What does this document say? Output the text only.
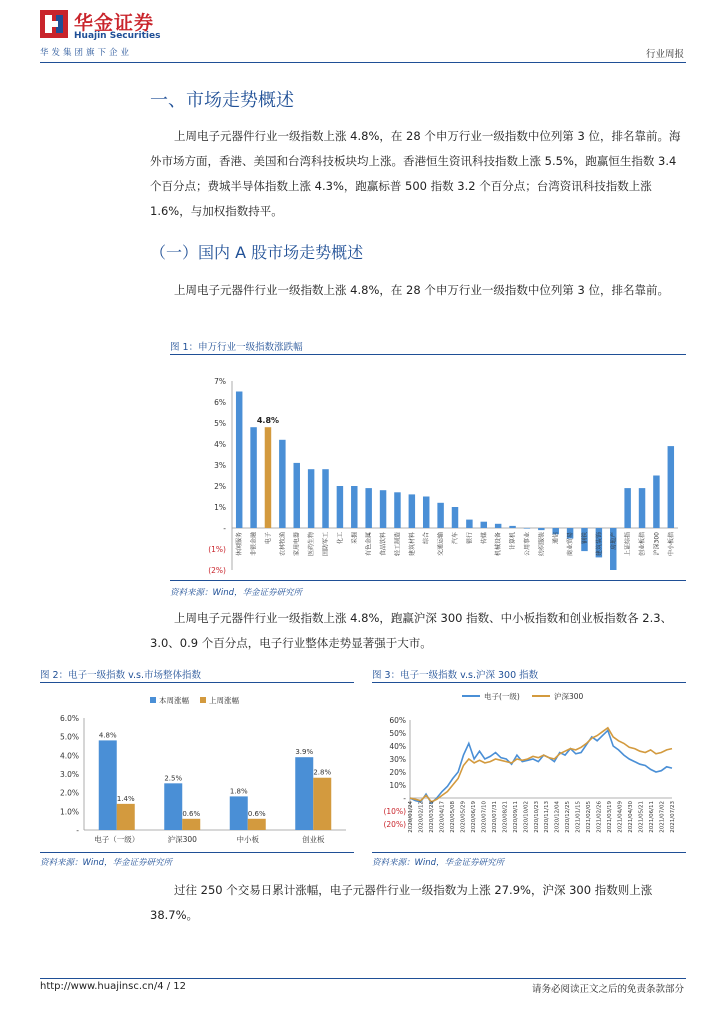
华金证券
Huajin Securities
华发集团旗下企业	行业周报
一、市场走势概述
上周电子元器件行业一级指数上涨 4.8%，在 28 个申万行业一级指数中位列第 3 位，排名靠前。海外市场方面，香港、美国和台湾科技板块均上涨。香港恒生资讯科技指数上涨 5.5%，跑赢恒生指数 3.4 个百分点；费城半导体指数上涨 4.3%，跑赢标普 500 指数 3.2 个百分点；台湾资讯科技指数上涨 1.6%，与加权指数持平。
（一）国内 A 股市场走势概述
上周电子元器件行业一级指数上涨 4.8%，在 28 个申万行业一级指数中位列第 3 位，排名靠前。
图 1：申万行业一级指数涨跌幅
7%
6%
5%
4%
3%
2%
1%
-
(1%)
(2%)
休闲服务 非银金融 电子 农林牧渔 家用电器 医药生物 国防军工 化工 采掘 有色金属 食品饮料 轻工制造 建筑材料 综合 交通运输 汽车 银行 传媒 机械设备 计算机 公用事业 纺织服装 通信 商业贸易 钢铁 建筑装饰 房地产 上证综指 创业板指 沪深300 中小板指
4.8%
资料来源：Wind，华金证券研究所
上周电子元器件行业一级指数上涨 4.8%，跑赢沪深 300 指数、中小板指数和创业板指数各 2.3、3.0、0.9 个百分点，电子行业整体走势显著强于大市。
图 2：电子一级指数 v.s.市场整体指数
6.0%
5.0%
4.0%
3.0%
2.0%
1.0%
-
本周涨幅	上周涨幅
4.8%
1.4%
电子（一级）
2.5%
0.6%
沪深300
1.8%
0.6%
中小板
3.9%
2.8%
创业板
资料来源：Wind，华金证券研究所
图 3：电子一级指数 v.s.沪深 300 指数
60%
50%
40%
30%
20%
10%
-
(10%)
(20%)
电子(一级)	沪深300
2020/01/24 2020/02/12 2020/03/25 2020/04/17 2020/05/08 2020/05/29 2020/06/19 2020/07/10 2020/07/31 2020/08/21 2020/09/11 2020/10/02 2020/10/23 2020/11/13 2020/12/04 2020/12/25 2021/01/15 2021/02/05 2021/02/26 2021/03/19 2021/04/09 2021/04/30 2021/05/21 2021/06/11 2021/07/02 2021/07/23
资料来源：Wind，华金证券研究所
过往 250 个交易日累计涨幅，电子元器件行业一级指数为上涨 27.9%，沪深 300 指数则上涨 38.7%。
http://www.huajinsc.cn/4 / 12	请务必阅读正文之后的免责条款部分
